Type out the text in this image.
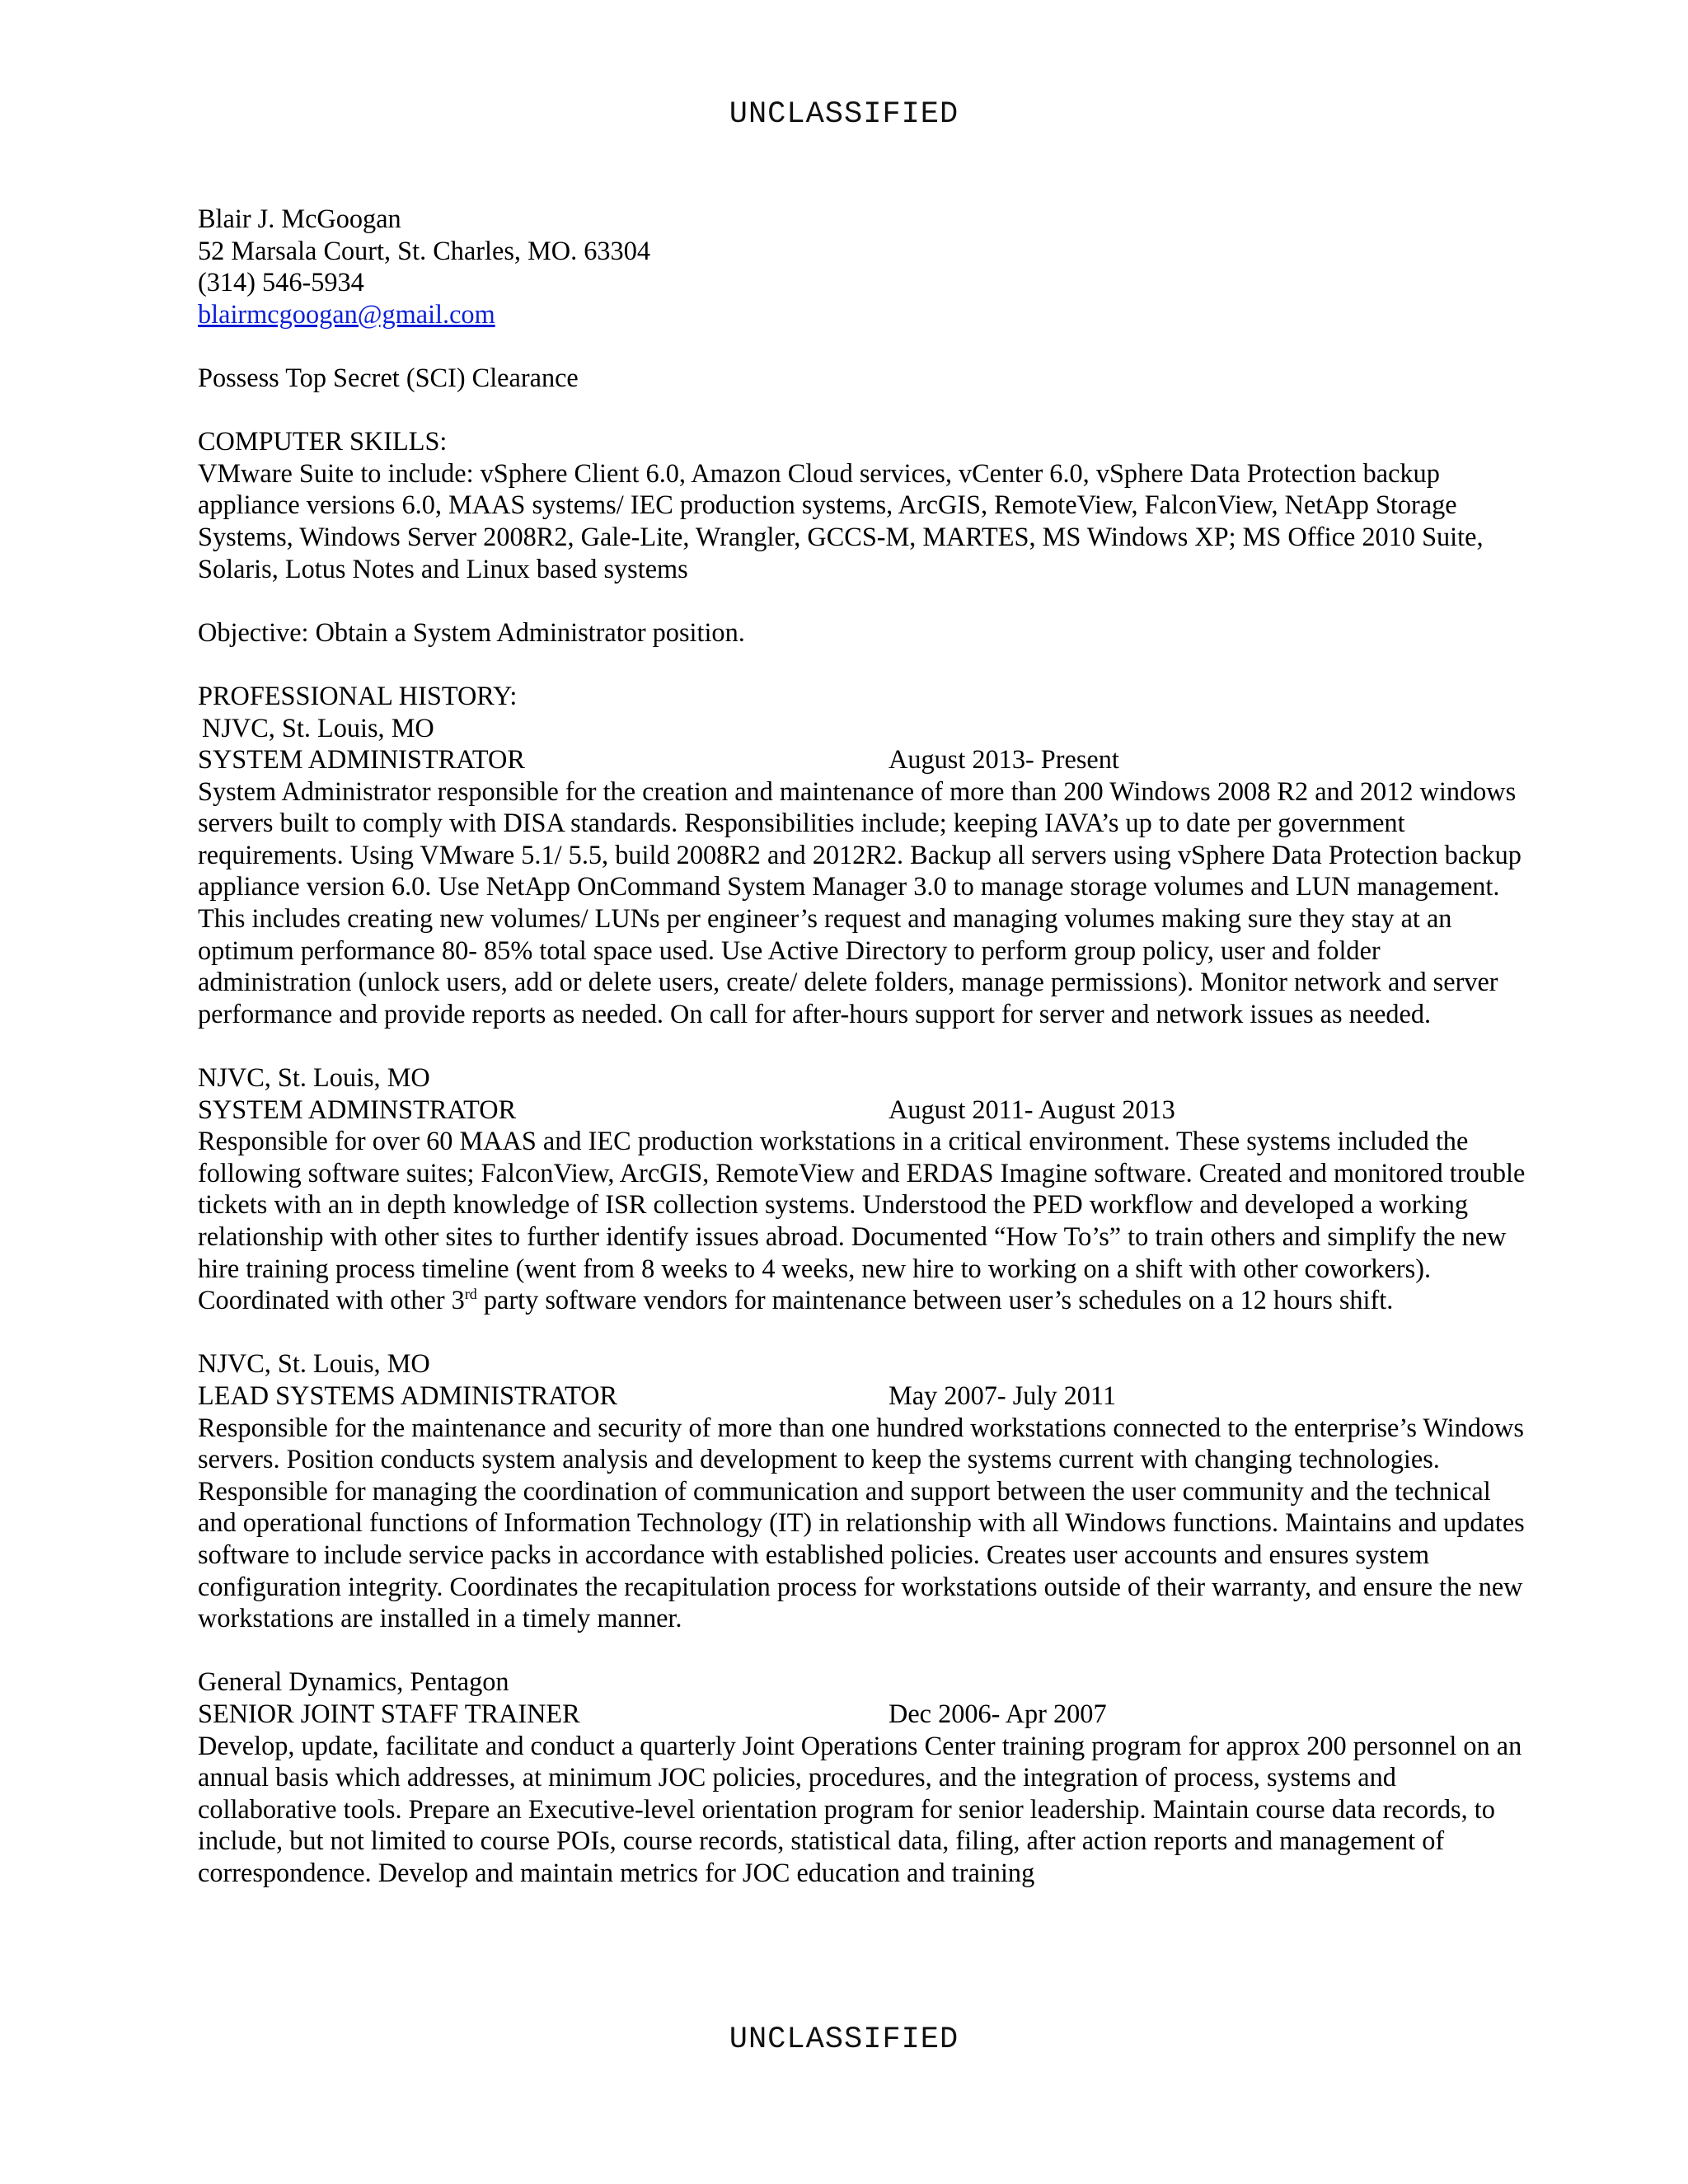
UNCLASSIFIED

Blair J. McGoogan

52 Marsala Court, St. Charles, MO. 63304

(314) 546-5934

blairmcgoogan@gmail.com

Possess Top Secret (SCI) Clearance

COMPUTER SKILLS:

VMware Suite to include: vSphere Client 6.0, Amazon Cloud services, vCenter 6.0, vSphere Data Protection backup appliance versions 6.0, MAAS systems/ IEC production systems, ArcGIS, RemoteView, FalconView, NetApp Storage Systems, Windows Server 2008R2, Gale-Lite, Wrangler, GCCS-M, MARTES, MS Windows XP; MS Office 2010 Suite, Solaris, Lotus Notes and Linux based systems

Objective: Obtain a System Administrator position.

PROFESSIONAL HISTORY:

NJVC, St. Louis, MO

SYSTEM ADMINISTRATOR	August 2013- Present

System Administrator responsible for the creation and maintenance of more than 200 Windows 2008 R2 and 2012 windows servers built to comply with DISA standards. Responsibilities include; keeping IAVA’s up to date per government requirements. Using VMware 5.1/ 5.5, build 2008R2 and 2012R2. Backup all servers using vSphere Data Protection backup appliance version 6.0. Use NetApp OnCommand System Manager 3.0 to manage storage volumes and LUN management. This includes creating new volumes/ LUNs per engineer’s request and managing volumes making sure they stay at an optimum performance 80- 85% total space used. Use Active Directory to perform group policy, user and folder administration (unlock users, add or delete users, create/ delete folders, manage permissions). Monitor network and server performance and provide reports as needed. On call for after-hours support for server and network issues as needed.

NJVC, St. Louis, MO

SYSTEM ADMINSTRATOR	August 2011- August 2013

Responsible for over 60 MAAS and IEC production workstations in a critical environment. These systems included the following software suites; FalconView, ArcGIS, RemoteView and ERDAS Imagine software. Created and monitored trouble tickets with an in depth knowledge of ISR collection systems. Understood the PED workflow and developed a working relationship with other sites to further identify issues abroad. Documented “How To’s” to train others and simplify the new hire training process timeline (went from 8 weeks to 4 weeks, new hire to working on a shift with other coworkers). Coordinated with other 3rd party software vendors for maintenance between user’s schedules on a 12 hours shift.

NJVC, St. Louis, MO

LEAD SYSTEMS ADMINISTRATOR	May 2007- July 2011

Responsible for the maintenance and security of more than one hundred workstations connected to the enterprise’s Windows servers. Position conducts system analysis and development to keep the systems current with changing technologies. Responsible for managing the coordination of communication and support between the user community and the technical and operational functions of Information Technology (IT) in relationship with all Windows functions. Maintains and updates software to include service packs in accordance with established policies. Creates user accounts and ensures system configuration integrity. Coordinates the recapitulation process for workstations outside of their warranty, and ensure the new workstations are installed in a timely manner.

General Dynamics, Pentagon

SENIOR JOINT STAFF TRAINER	Dec 2006- Apr 2007

Develop, update, facilitate and conduct a quarterly Joint Operations Center training program for approx 200 personnel on an annual basis which addresses, at minimum JOC policies, procedures, and the integration of process, systems and collaborative tools. Prepare an Executive-level orientation program for senior leadership. Maintain course data records, to include, but not limited to course POIs, course records, statistical data, filing, after action reports and management of correspondence. Develop and maintain metrics for JOC education and training

UNCLASSIFIED
